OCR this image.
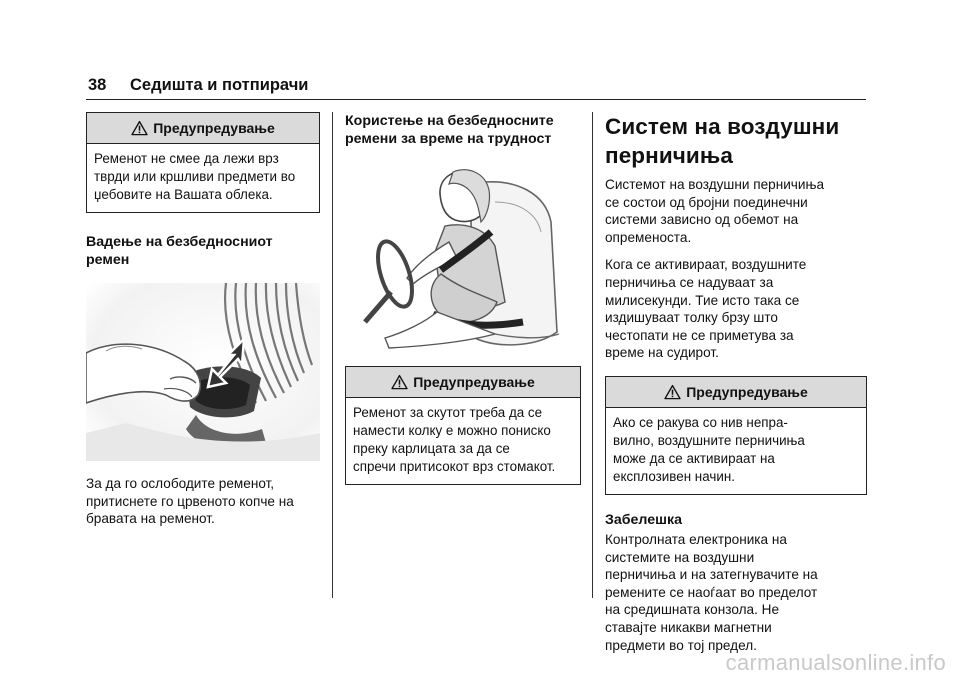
38 Седишта и потпирачи
Предупредување
Ременот не смее да лежи врз
тврди или кршливи предмети во
џебовите на Вашата облека.
Вадење на безбедносниот
ремен
За да го ослободите ременот,
притиснете го црвеното копче на
бравата на ременот.
Користење на безбедносните
ремени за време на трудност
Предупредување
Ременот за скутот треба да се
намести колку е можно пониско
преку карлицата за да се
спречи притисокот врз стомакот.
Систем на воздушни
перничиња
Системот на воздушни перничиња
се состои од бројни поединечни
системи зависно од обемот на
опременоста.
Кога се активираат, воздушните
перничиња се надуваат за
милисекунди. Тие исто така се
издишуваат толку брзу што
честопати не се приметува за
време на судирот.
Предупредување
Ако се ракува со нив непра-
вилно, воздушните перничиња
може да се активираат на
експлозивен начин.
Забелешка
Контролната електроника на
системите на воздушни
перничиња и на затегнувачите на
ремените се наоѓаат во пределот
на средишната конзола. Не
ставајте никакви магнетни
предмети во тој предел.
carmanualsonline.info
